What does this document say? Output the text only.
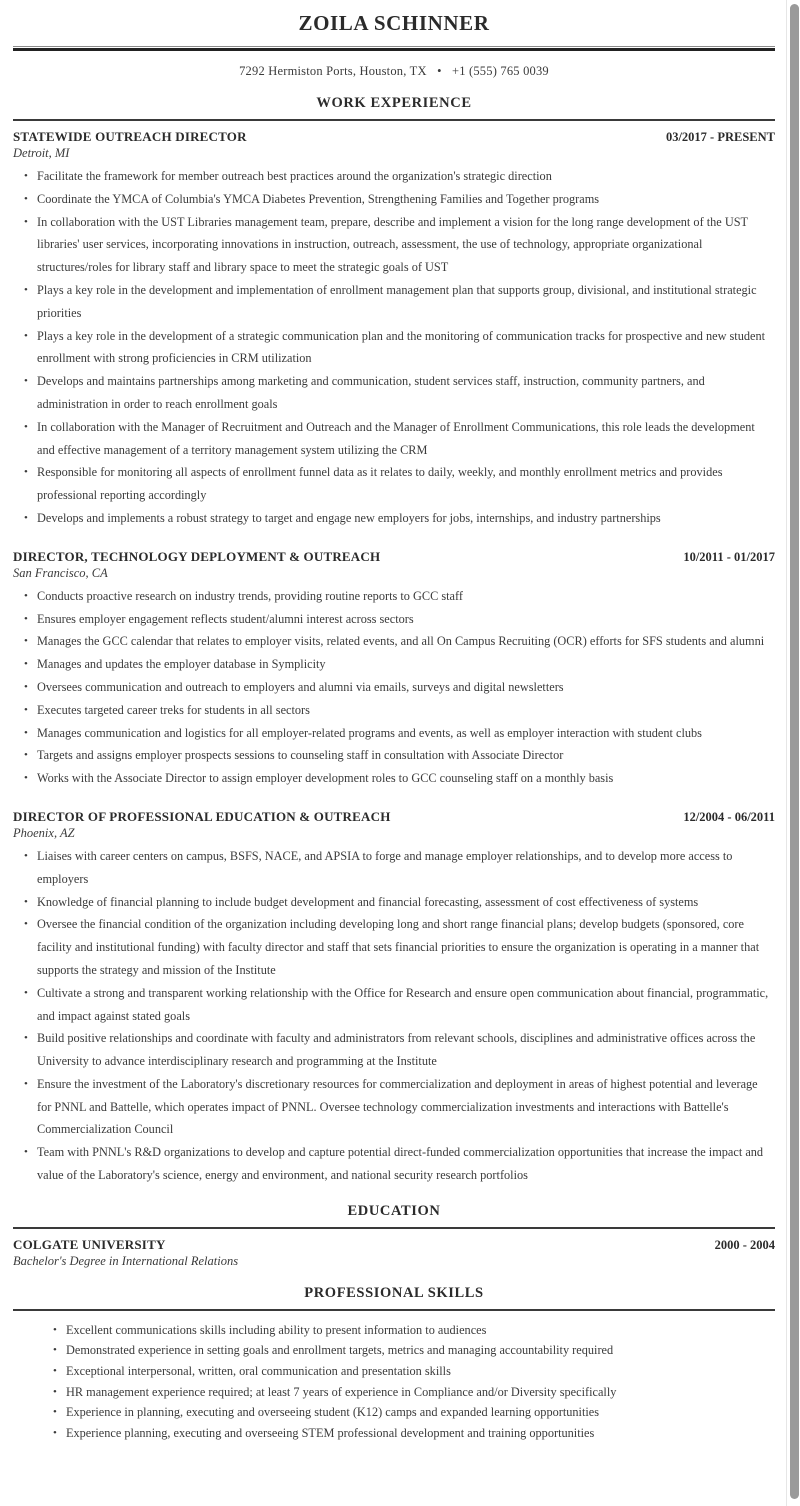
ZOILA SCHINNER
7292 Hermiston Ports, Houston, TX • +1 (555) 765 0039
WORK EXPERIENCE
STATEWIDE OUTREACH DIRECTOR	03/2017 - PRESENT
Detroit, MI
• Facilitate the framework for member outreach best practices around the organization's strategic direction
• Coordinate the YMCA of Columbia's YMCA Diabetes Prevention, Strengthening Families and Together programs
• In collaboration with the UST Libraries management team, prepare, describe and implement a vision for the long range development of the UST libraries' user services, incorporating innovations in instruction, outreach, assessment, the use of technology, appropriate organizational structures/roles for library staff and library space to meet the strategic goals of UST
• Plays a key role in the development and implementation of enrollment management plan that supports group, divisional, and institutional strategic priorities
• Plays a key role in the development of a strategic communication plan and the monitoring of communication tracks for prospective and new student enrollment with strong proficiencies in CRM utilization
• Develops and maintains partnerships among marketing and communication, student services staff, instruction, community partners, and administration in order to reach enrollment goals
• In collaboration with the Manager of Recruitment and Outreach and the Manager of Enrollment Communications, this role leads the development and effective management of a territory management system utilizing the CRM
• Responsible for monitoring all aspects of enrollment funnel data as it relates to daily, weekly, and monthly enrollment metrics and provides professional reporting accordingly
• Develops and implements a robust strategy to target and engage new employers for jobs, internships, and industry partnerships
DIRECTOR, TECHNOLOGY DEPLOYMENT & OUTREACH	10/2011 - 01/2017
San Francisco, CA
• Conducts proactive research on industry trends, providing routine reports to GCC staff
• Ensures employer engagement reflects student/alumni interest across sectors
• Manages the GCC calendar that relates to employer visits, related events, and all On Campus Recruiting (OCR) efforts for SFS students and alumni
• Manages and updates the employer database in Symplicity
• Oversees communication and outreach to employers and alumni via emails, surveys and digital newsletters
• Executes targeted career treks for students in all sectors
• Manages communication and logistics for all employer-related programs and events, as well as employer interaction with student clubs
• Targets and assigns employer prospects sessions to counseling staff in consultation with Associate Director
• Works with the Associate Director to assign employer development roles to GCC counseling staff on a monthly basis
DIRECTOR OF PROFESSIONAL EDUCATION & OUTREACH	12/2004 - 06/2011
Phoenix, AZ
• Liaises with career centers on campus, BSFS, NACE, and APSIA to forge and manage employer relationships, and to develop more access to employers
• Knowledge of financial planning to include budget development and financial forecasting, assessment of cost effectiveness of systems
• Oversee the financial condition of the organization including developing long and short range financial plans; develop budgets (sponsored, core facility and institutional funding) with faculty director and staff that sets financial priorities to ensure the organization is operating in a manner that supports the strategy and mission of the Institute
• Cultivate a strong and transparent working relationship with the Office for Research and ensure open communication about financial, programmatic, and impact against stated goals
• Build positive relationships and coordinate with faculty and administrators from relevant schools, disciplines and administrative offices across the University to advance interdisciplinary research and programming at the Institute
• Ensure the investment of the Laboratory's discretionary resources for commercialization and deployment in areas of highest potential and leverage for PNNL and Battelle, which operates impact of PNNL. Oversee technology commercialization investments and interactions with Battelle's Commercialization Council
• Team with PNNL's R&D organizations to develop and capture potential direct-funded commercialization opportunities that increase the impact and value of the Laboratory's science, energy and environment, and national security research portfolios
EDUCATION
COLGATE UNIVERSITY	2000 - 2004
Bachelor's Degree in International Relations
PROFESSIONAL SKILLS
• Excellent communications skills including ability to present information to audiences
• Demonstrated experience in setting goals and enrollment targets, metrics and managing accountability required
• Exceptional interpersonal, written, oral communication and presentation skills
• HR management experience required; at least 7 years of experience in Compliance and/or Diversity specifically
• Experience in planning, executing and overseeing student (K12) camps and expanded learning opportunities
• Experience planning, executing and overseeing STEM professional development and training opportunities
